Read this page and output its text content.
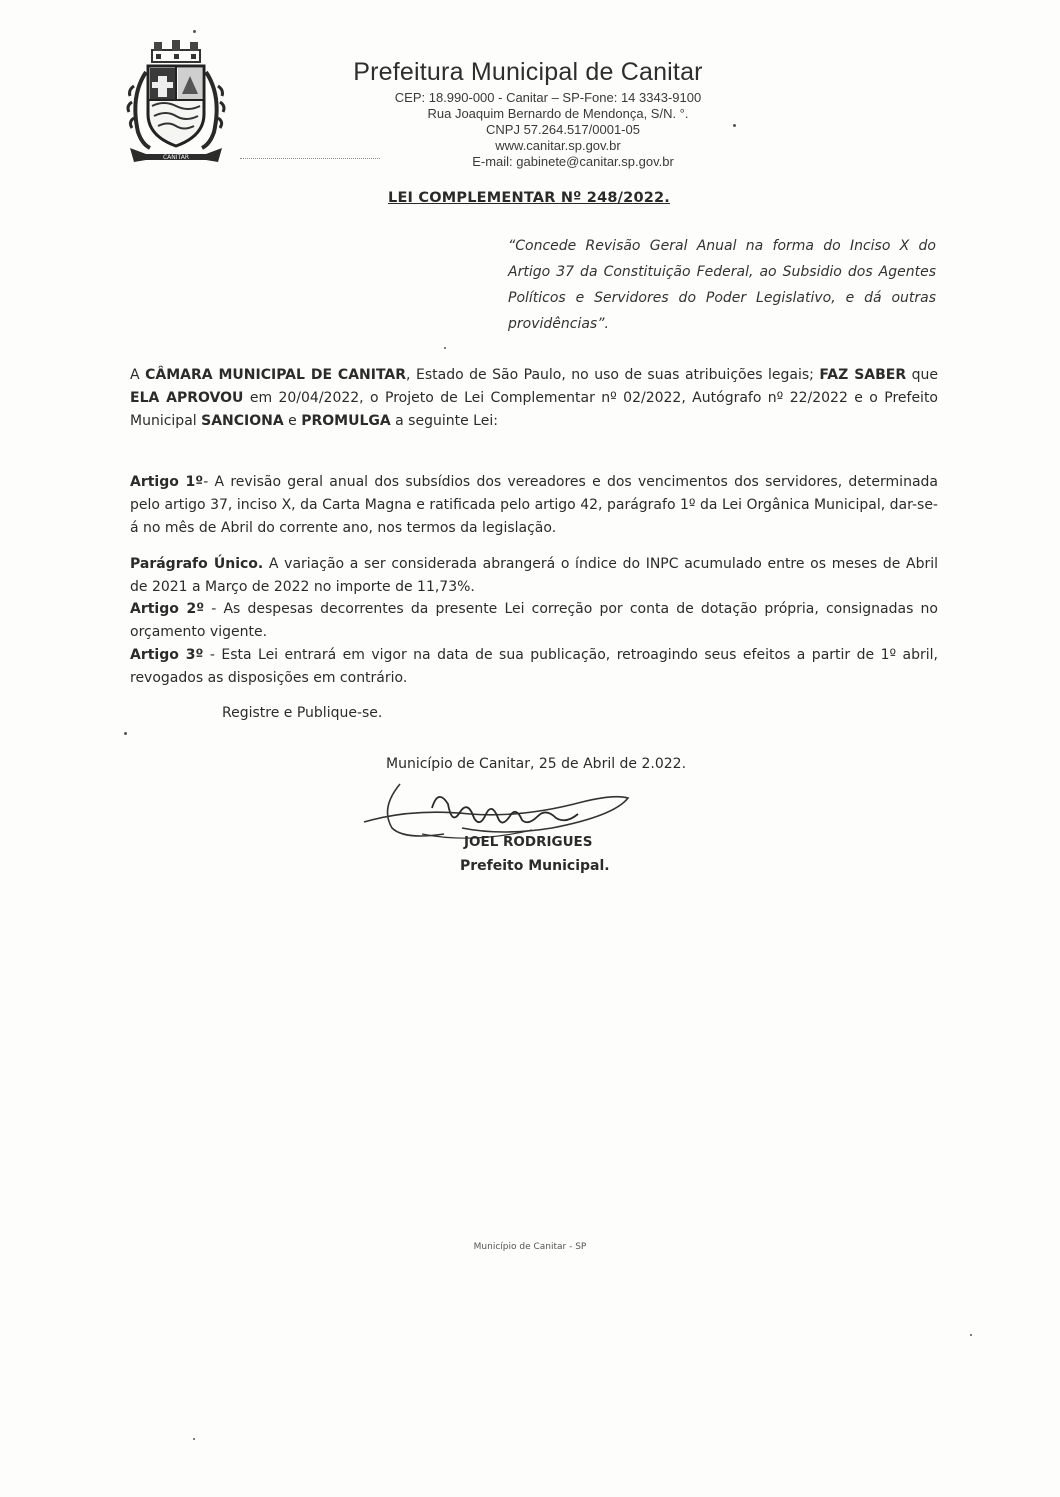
CANITAR
Prefeitura Municipal de Canitar
CEP: 18.990-000 - Canitar – SP-Fone: 14 3343-9100
Rua Joaquim Bernardo de Mendonça, S/N. °.
CNPJ 57.264.517/0001-05
www.canitar.sp.gov.br
E-mail: gabinete@canitar.sp.gov.br
LEI COMPLEMENTAR Nº 248/2022.
“Concede Revisão Geral Anual na forma do Inciso X do Artigo 37 da Constituição Federal, ao Subsidio dos Agentes Políticos e Servidores do Poder Legislativo, e dá outras providências”.
A CÂMARA MUNICIPAL DE CANITAR, Estado de São Paulo, no uso de suas atribuições legais; FAZ SABER que ELA APROVOU em 20/04/2022, o Projeto de Lei Complementar nº 02/2022, Autógrafo nº 22/2022 e o Prefeito Municipal SANCIONA e PROMULGA a seguinte Lei:
Artigo 1º- A revisão geral anual dos subsídios dos vereadores e dos vencimentos dos servidores, determinada pelo artigo 37, inciso X, da Carta Magna e ratificada pelo artigo 42, parágrafo 1º da Lei Orgânica Municipal, dar-se-á no mês de Abril do corrente ano, nos termos da legislação.
Parágrafo Único. A variação a ser considerada abrangerá o índice do INPC acumulado entre os meses de Abril de 2021 a Março de 2022 no importe de 11,73%.
Artigo 2º - As despesas decorrentes da presente Lei correção por conta de dotação própria, consignadas no orçamento vigente.
Artigo 3º - Esta Lei entrará em vigor na data de sua publicação, retroagindo seus efeitos a partir de 1º abril, revogados as disposições em contrário.
Registre e Publique-se.
Município de Canitar, 25 de Abril de 2.022.
JOEL RODRIGUES
Prefeito Municipal.
Município de Canitar - SP
